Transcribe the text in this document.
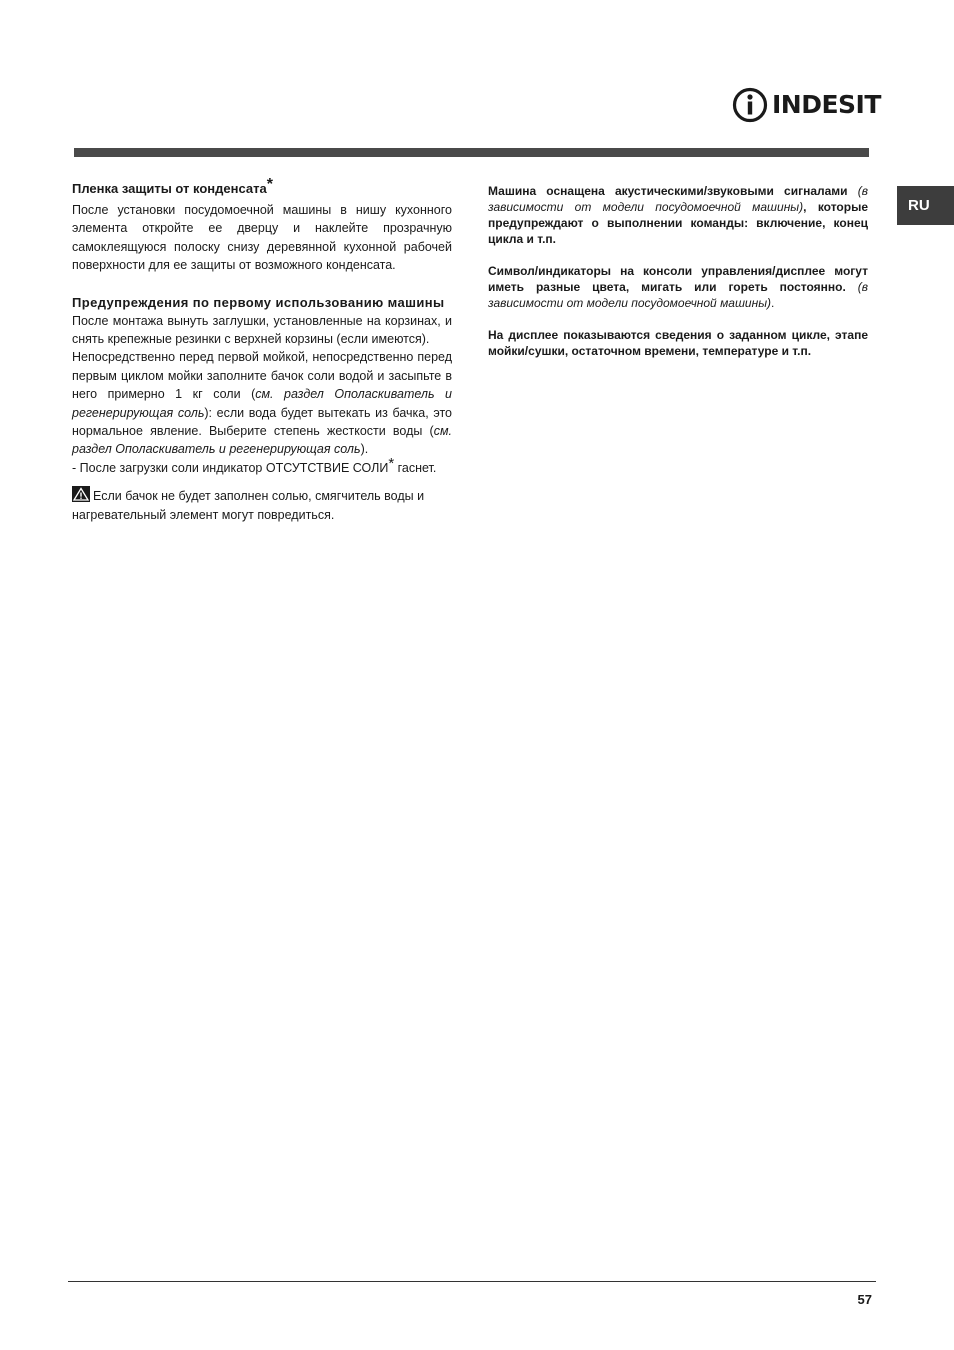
INDESIT
RU
Пленка защиты от конденсата*

После установки посудомоечной машины в нишу кухонного элемента откройте ее дверцу и наклейте прозрачную самоклеящуюся полоску снизу деревянной кухонной рабочей поверхности для ее защиты от возможного конденсата.

Предупреждения по первому использованию машины

После монтажа вынуть заглушки, установленные на корзинах, и снять крепежные резинки с верхней корзины (если имеются).

Непосредственно перед первой мойкой, непосредственно перед первым циклом мойки заполните бачок соли водой и засыпьте в него примерно 1 кг соли (см. раздел Ополаскиватель и регенерирующая соль): если вода будет вытекать из бачка, это нормальное явление. Выберите степень жесткости воды (см. раздел Ополаскиватель и регенерирующая соль).

- После загрузки соли индикатор ОТСУТСТВИЕ СОЛИ* гаснет.

Если бачок не будет заполнен солью, смягчитель воды и нагревательный элемент могут повредиться.

Машина оснащена акустическими/звуковыми сигналами (в зависимости от модели посудомоечной машины), которые предупреждают о выполнении команды: включение, конец цикла и т.п.

Символ/индикаторы на консоли управления/дисплее могут иметь разные цвета, мигать или гореть постоянно. (в зависимости от модели посудомоечной машины).

На дисплее показываются сведения о заданном цикле, этапе мойки/сушки, остаточном времени, температуре и т.п.

57
